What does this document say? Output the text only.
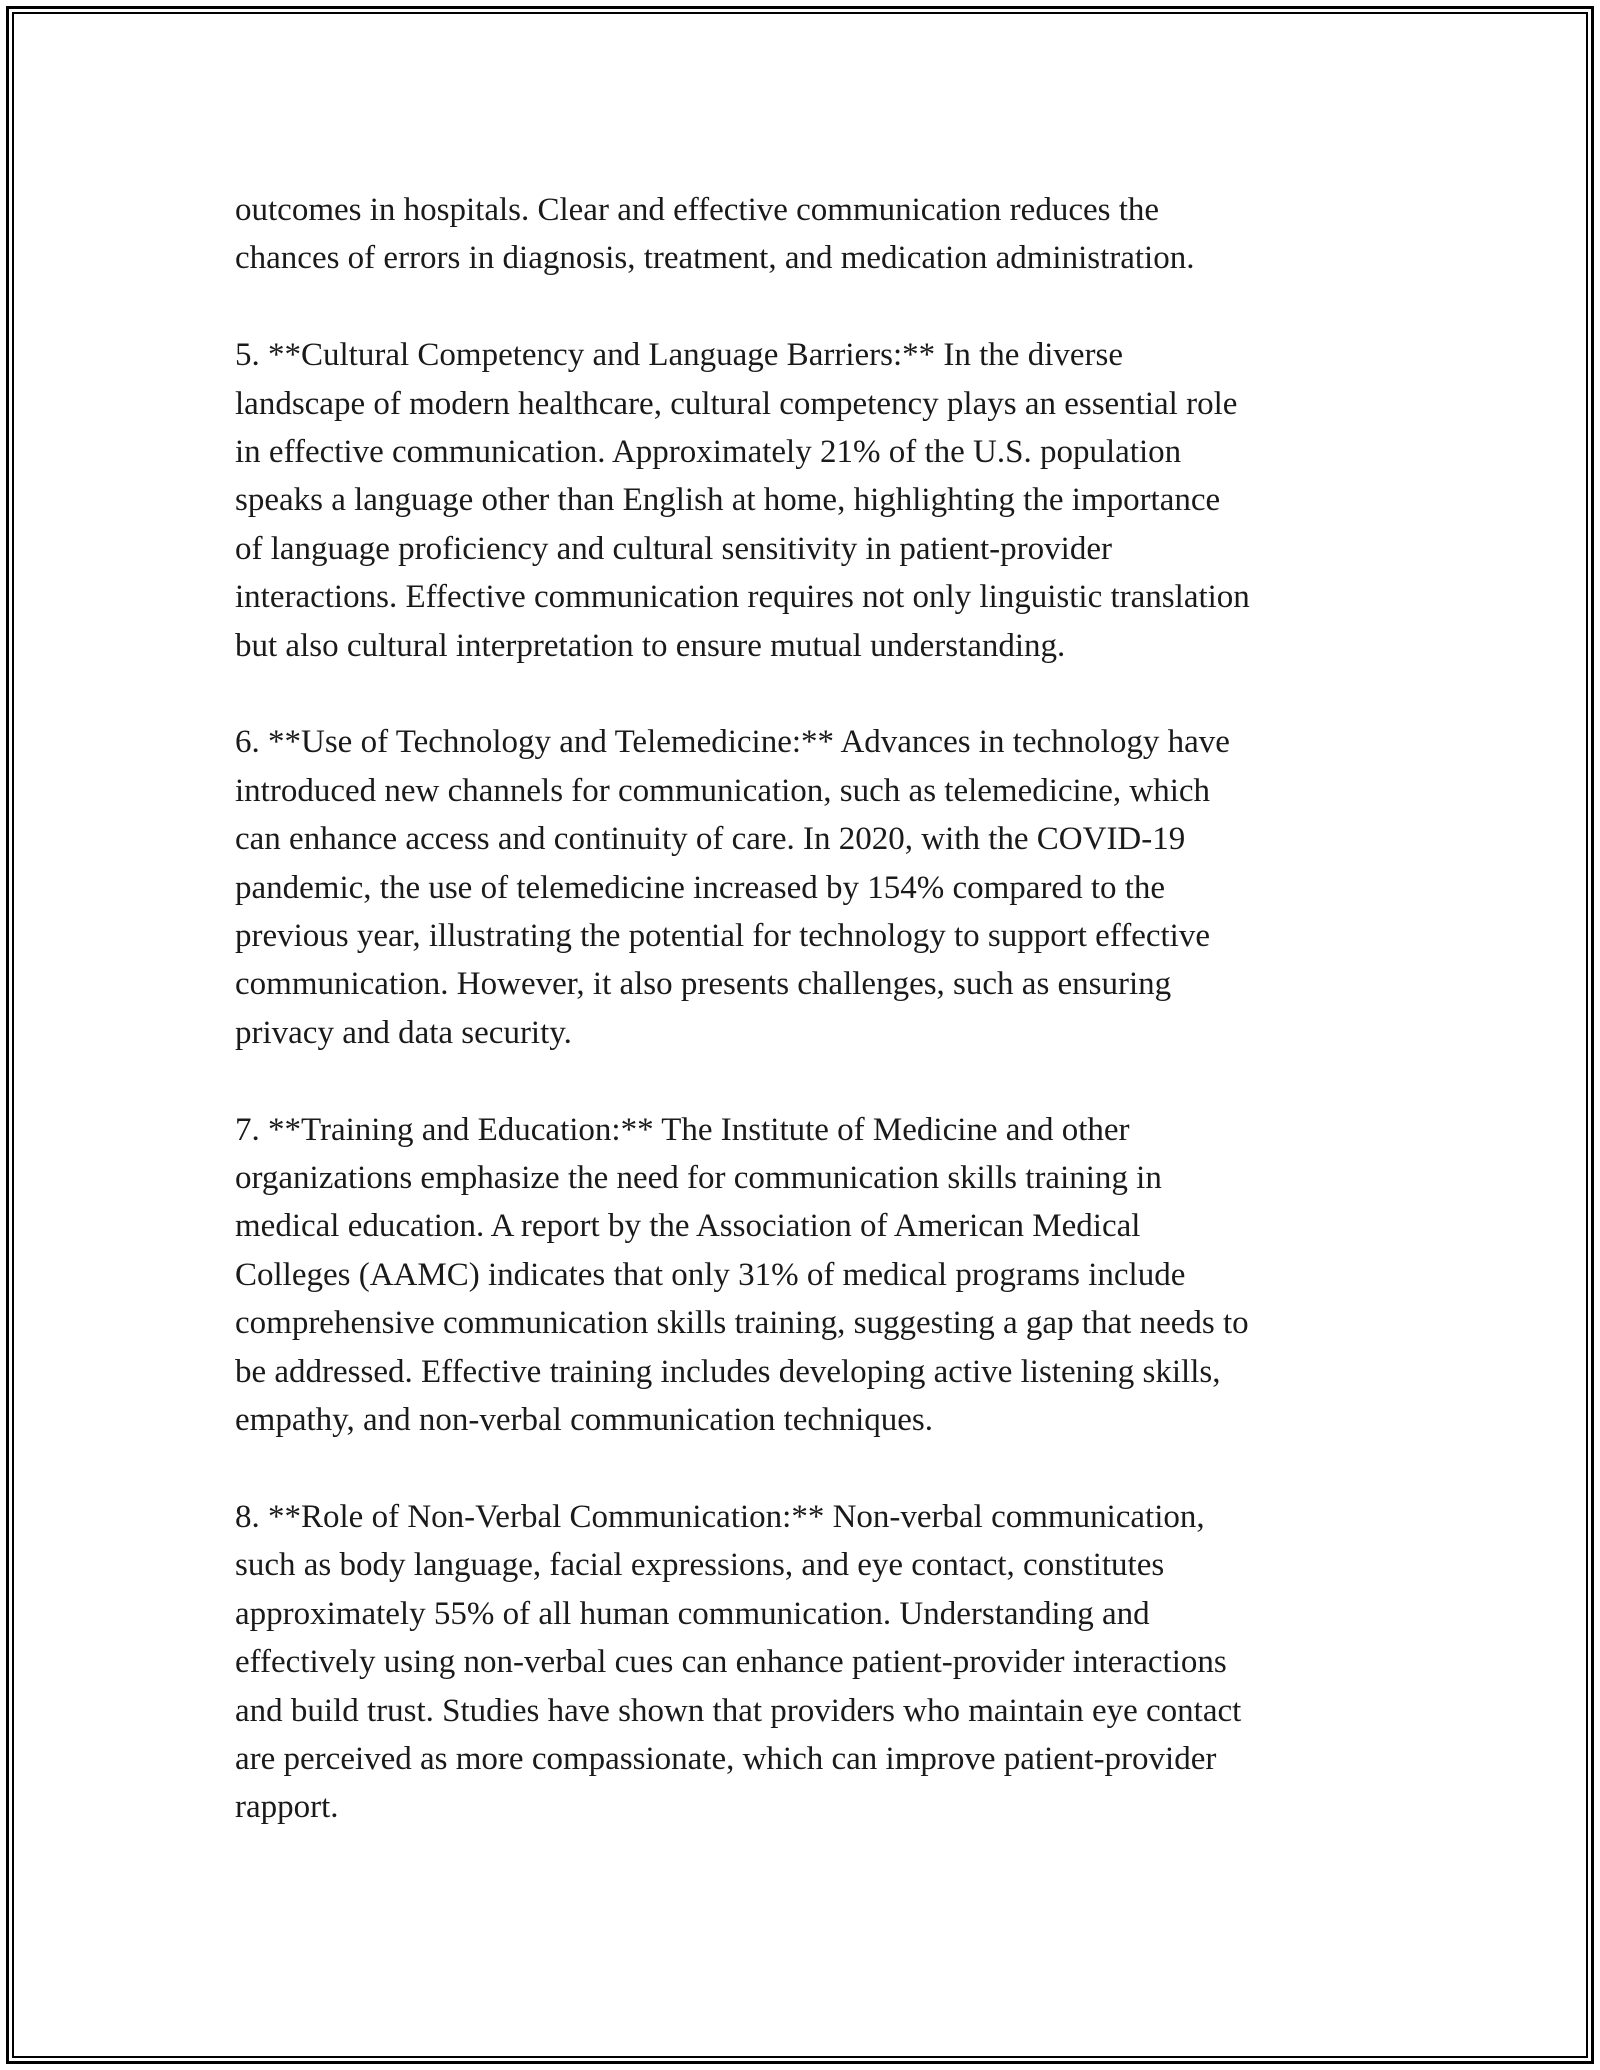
outcomes in hospitals. Clear and effective communication reduces the
chances of errors in diagnosis, treatment, and medication administration.

5. **Cultural Competency and Language Barriers:** In the diverse
landscape of modern healthcare, cultural competency plays an essential role
in effective communication. Approximately 21% of the U.S. population
speaks a language other than English at home, highlighting the importance
of language proficiency and cultural sensitivity in patient-provider
interactions. Effective communication requires not only linguistic translation
but also cultural interpretation to ensure mutual understanding.

6. **Use of Technology and Telemedicine:** Advances in technology have
introduced new channels for communication, such as telemedicine, which
can enhance access and continuity of care. In 2020, with the COVID-19
pandemic, the use of telemedicine increased by 154% compared to the
previous year, illustrating the potential for technology to support effective
communication. However, it also presents challenges, such as ensuring
privacy and data security.

7. **Training and Education:** The Institute of Medicine and other
organizations emphasize the need for communication skills training in
medical education. A report by the Association of American Medical
Colleges (AAMC) indicates that only 31% of medical programs include
comprehensive communication skills training, suggesting a gap that needs to
be addressed. Effective training includes developing active listening skills,
empathy, and non-verbal communication techniques.

8. **Role of Non-Verbal Communication:** Non-verbal communication,
such as body language, facial expressions, and eye contact, constitutes
approximately 55% of all human communication. Understanding and
effectively using non-verbal cues can enhance patient-provider interactions
and build trust. Studies have shown that providers who maintain eye contact
are perceived as more compassionate, which can improve patient-provider
rapport.
